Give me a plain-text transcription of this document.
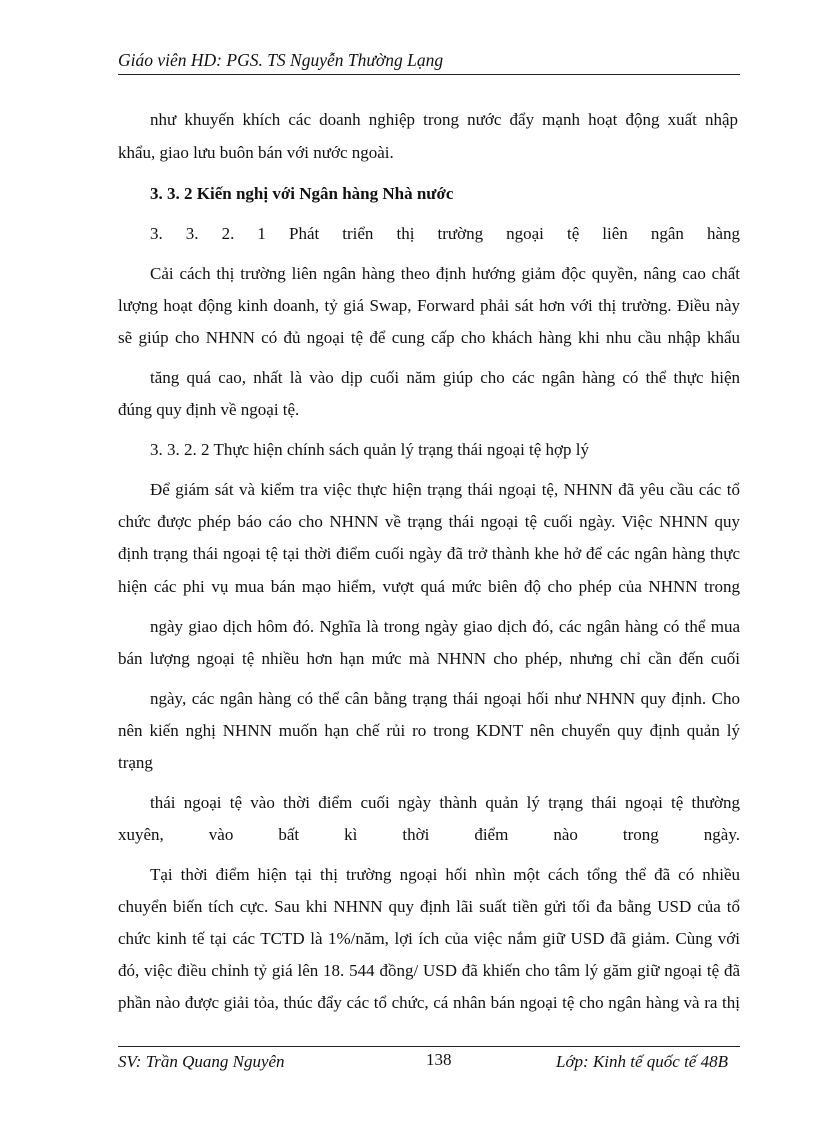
Giáo viên HD: PGS. TS Nguyễn Thường Lạng
như khuyến khích các doanh nghiệp trong nước đẩy mạnh hoạt động xuất nhập
khẩu, giao lưu buôn bán với nước ngoài.
3. 3. 2 Kiến nghị với Ngân hàng Nhà nước
3. 3. 2. 1 Phát triển thị trường ngoại tệ liên ngân hàng
Cải cách thị trường liên ngân hàng theo định hướng giảm độc quyền, nâng cao chất
lượng hoạt động kinh doanh, tỷ giá Swap, Forward phải sát hơn với thị trường. Điều này
sẽ giúp cho NHNN có đủ ngoại tệ để cung cấp cho khách hàng khi nhu cầu nhập khẩu
tăng quá cao, nhất là vào dịp cuối năm giúp cho các ngân hàng có thể thực hiện
đúng quy định về ngoại tệ.
3. 3. 2. 2 Thực hiện chính sách quản lý trạng thái ngoại tệ hợp lý
Để giám sát và kiểm tra việc thực hiện trạng thái ngoại tệ, NHNN đã yêu cầu các tổ
chức được phép báo cáo cho NHNN về trạng thái ngoại tệ cuối ngày. Việc NHNN quy
định trạng thái ngoại tệ tại thời điểm cuối ngày đã trở thành khe hở để các ngân hàng thực
hiện các phi vụ mua bán mạo hiểm, vượt quá mức biên độ cho phép của NHNN trong
ngày giao dịch hôm đó. Nghĩa là trong ngày giao dịch đó, các ngân hàng có thể mua
bán lượng ngoại tệ nhiều hơn hạn mức mà NHNN cho phép, nhưng chỉ cần đến cuối
ngày, các ngân hàng có thể cân bằng trạng thái ngoại hối như NHNN quy định. Cho
nên kiến nghị NHNN muốn hạn chế rủi ro trong KDNT nên chuyển quy định quản lý
trạng
thái ngoại tệ vào thời điểm cuối ngày thành quản lý trạng thái ngoại tệ thường
xuyên, vào bất kì thời điểm nào trong ngày.
Tại thời điểm hiện tại thị trường ngoại hối nhìn một cách tổng thể đã có nhiều
chuyển biến tích cực. Sau khi NHNN quy định lãi suất tiền gửi tối đa bằng USD của tổ
chức kinh tế tại các TCTD là 1%/năm, lợi ích của việc nắm giữ USD đã giảm. Cùng với
đó, việc điều chỉnh tỷ giá lên 18. 544 đồng/ USD đã khiến cho tâm lý găm giữ ngoại tệ đã
phần nào được giải tỏa, thúc đẩy các tổ chức, cá nhân bán ngoại tệ cho ngân hàng và ra thị
SV: Trần Quang Nguyên	138	Lớp: Kinh tế quốc tế 48B
